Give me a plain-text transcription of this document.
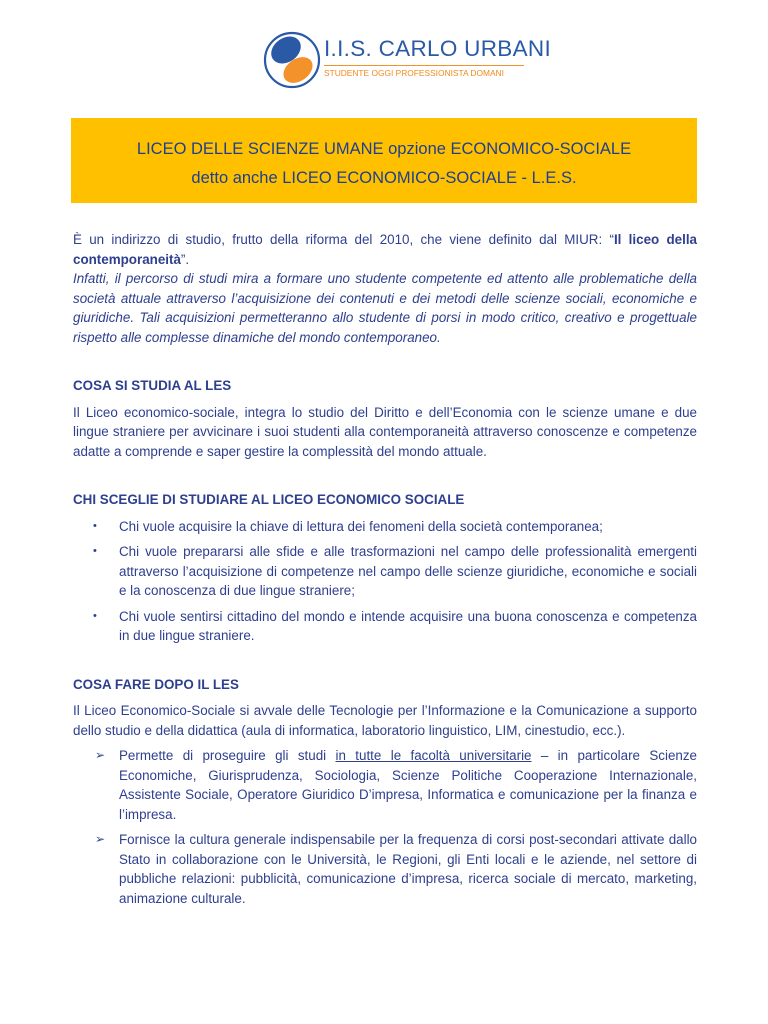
I.I.S. CARLO URBANI
STUDENTE OGGI PROFESSIONISTA DOMANI
LICEO DELLE SCIENZE UMANE opzione ECONOMICO-SOCIALE
detto anche LICEO ECONOMICO-SOCIALE - L.E.S.

È un indirizzo di studio, frutto della riforma del 2010, che viene definito dal MIUR: “Il liceo della contemporaneità”.

Infatti, il percorso di studi mira a formare uno studente competente ed attento alle problematiche della società attuale attraverso l’acquisizione dei contenuti e dei metodi delle scienze sociali, economiche e giuridiche. Tali acquisizioni permetteranno allo studente di porsi in modo critico, creativo e progettuale rispetto alle complesse dinamiche del mondo contemporaneo.

COSA SI STUDIA AL LES

Il Liceo economico-sociale, integra lo studio del Diritto e dell’Economia con le scienze umane e due lingue straniere per avvicinare i suoi studenti alla contemporaneità attraverso conoscenze e competenze adatte a comprende e saper gestire la complessità del mondo attuale.

CHI SCEGLIE DI STUDIARE AL LICEO ECONOMICO SOCIALE
• Chi vuole acquisire la chiave di lettura dei fenomeni della società contemporanea;
• Chi vuole prepararsi alle sfide e alle trasformazioni nel campo delle professionalità emergenti attraverso l’acquisizione di competenze nel campo delle scienze giuridiche, economiche e sociali e la conoscenza di due lingue straniere;
• Chi vuole sentirsi cittadino del mondo e intende acquisire una buona conoscenza e competenza in due lingue straniere.
COSA FARE DOPO IL LES

Il Liceo Economico-Sociale si avvale delle Tecnologie per l’Informazione e la Comunicazione a supporto dello studio e della didattica (aula di informatica, laboratorio linguistico, LIM, cinestudio, ecc.).

➢ Permette di proseguire gli studi in tutte le facoltà universitarie – in particolare Scienze Economiche, Giurisprudenza, Sociologia, Scienze Politiche Cooperazione Internazionale, Assistente Sociale, Operatore Giuridico D’impresa, Informatica e comunicazione per la finanza e l’impresa.
➢ Fornisce la cultura generale indispensabile per la frequenza di corsi post-secondari attivate dallo Stato in collaborazione con le Università, le Regioni, gli Enti locali e le aziende, nel settore di pubbliche relazioni: pubblicità, comunicazione d’impresa, ricerca sociale di mercato, marketing, animazione culturale.
